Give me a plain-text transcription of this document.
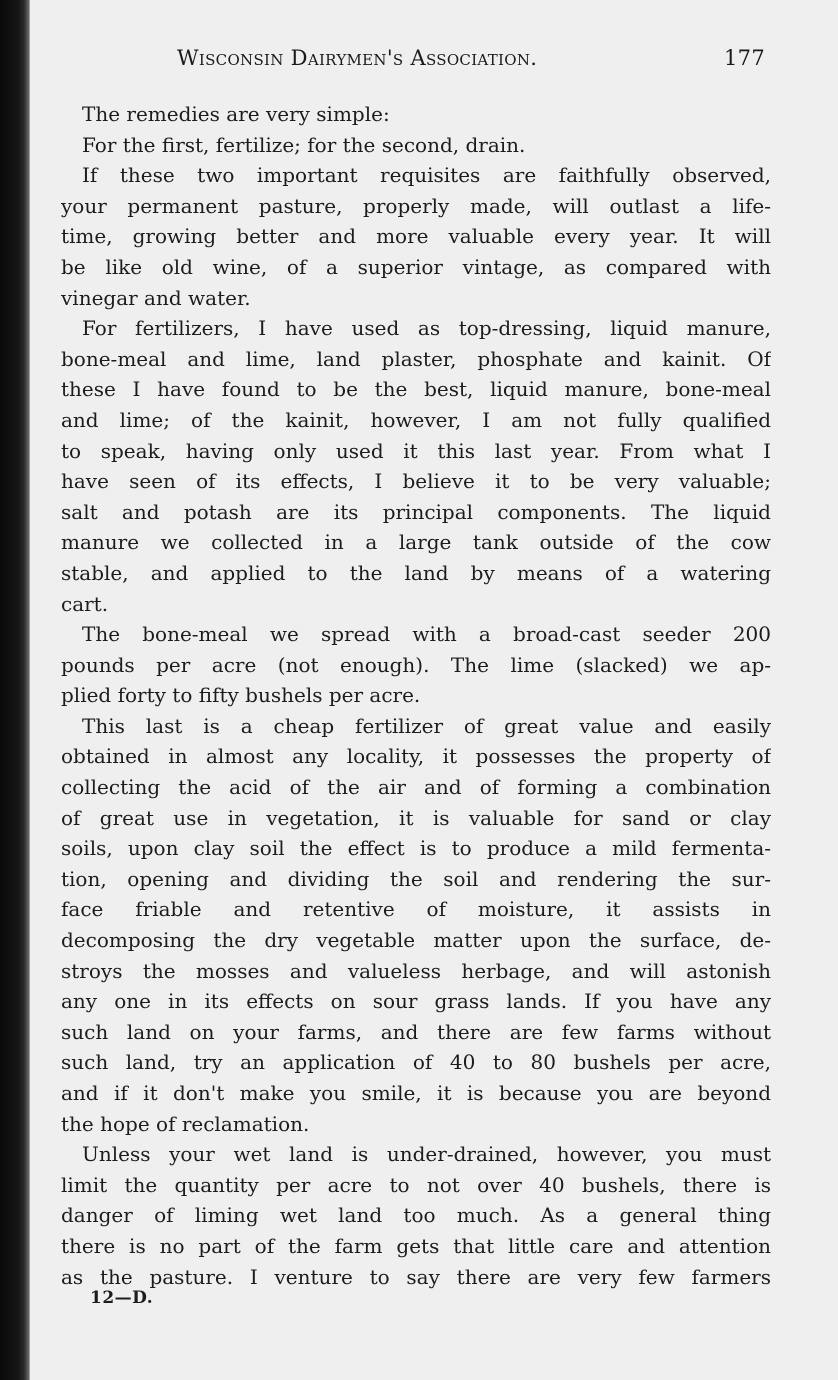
Wisconsin Dairymen's Association.	177
The remedies are very simple:
For the first, fertilize; for the second, drain.
If these two important requisites are faithfully observed,
your permanent pasture, properly made, will outlast a life-
time, growing better and more valuable every year. It will
be like old wine, of a superior vintage, as compared with
vinegar and water.
For fertilizers, I have used as top-dressing, liquid manure,
bone-meal and lime, land plaster, phosphate and kainit. Of
these I have found to be the best, liquid manure, bone-meal
and lime; of the kainit, however, I am not fully qualified
to speak, having only used it this last year. From what I
have seen of its effects, I believe it to be very valuable;
salt and potash are its principal components. The liquid
manure we collected in a large tank outside of the cow
stable, and applied to the land by means of a watering
cart.
The bone-meal we spread with a broad-cast seeder 200
pounds per acre (not enough). The lime (slacked) we ap-
plied forty to fifty bushels per acre.
This last is a cheap fertilizer of great value and easily
obtained in almost any locality, it possesses the property of
collecting the acid of the air and of forming a combination
of great use in vegetation, it is valuable for sand or clay
soils, upon clay soil the effect is to produce a mild fermenta-
tion, opening and dividing the soil and rendering the sur-
face friable and retentive of moisture, it assists in
decomposing the dry vegetable matter upon the surface, de-
stroys the mosses and valueless herbage, and will astonish
any one in its effects on sour grass lands. If you have any
such land on your farms, and there are few farms without
such land, try an application of 40 to 80 bushels per acre,
and if it don't make you smile, it is because you are beyond
the hope of reclamation.
Unless your wet land is under-drained, however, you must
limit the quantity per acre to not over 40 bushels, there is
danger of liming wet land too much. As a general thing
there is no part of the farm gets that little care and attention
as the pasture. I venture to say there are very few farmers
12—D.
